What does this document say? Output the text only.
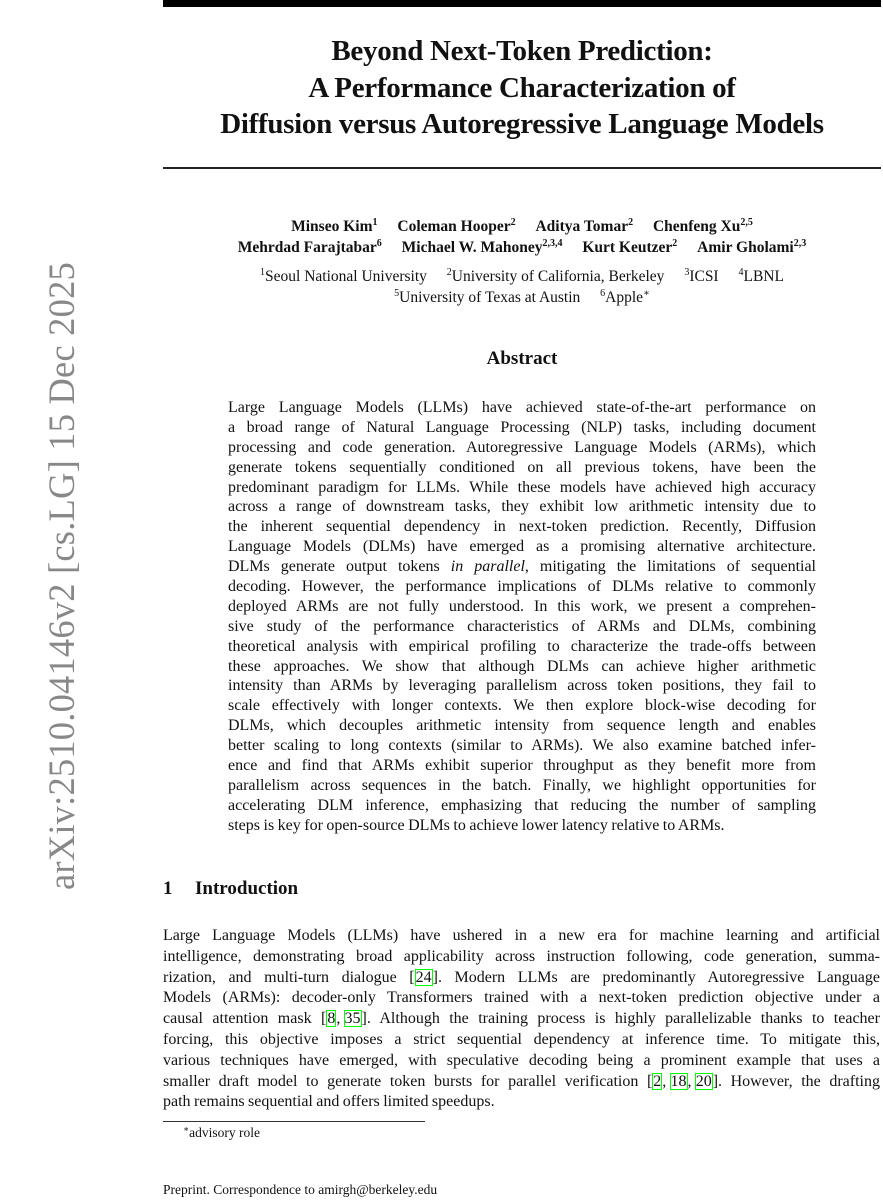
arXiv:2510.04146v2 [cs.LG] 15 Dec 2025
Beyond Next-Token Prediction:
A Performance Characterization of
Diffusion versus Autoregressive Language Models
Minseo Kim$^1$ Coleman Hooper$^2$ Aditya Tomar$^2$ Chenfeng Xu$^{2,5}$
Mehrdad Farajtabar$^6$ Michael W. Mahoney$^{2,3,4}$ Kurt Keutzer$^2$ Amir Gholami$^{2,3}$
$^1$Seoul National University $^2$University of California, Berkeley $^3$ICSI $^4$LBNL
$^5$University of Texas at Austin $^6$Apple∗
Abstract
Large Language Models (LLMs) have achieved state-of-the-art performance on
a broad range of Natural Language Processing (NLP) tasks, including document
processing and code generation. Autoregressive Language Models (ARMs), which
generate tokens sequentially conditioned on all previous tokens, have been the
predominant paradigm for LLMs. While these models have achieved high accuracy
across a range of downstream tasks, they exhibit low arithmetic intensity due to
the inherent sequential dependency in next-token prediction. Recently, Diffusion
Language Models (DLMs) have emerged as a promising alternative architecture.
DLMs generate output tokens in parallel, mitigating the limitations of sequential
decoding. However, the performance implications of DLMs relative to commonly
deployed ARMs are not fully understood. In this work, we present a comprehen-
sive study of the performance characteristics of ARMs and DLMs, combining
theoretical analysis with empirical profiling to characterize the trade-offs between
these approaches. We show that although DLMs can achieve higher arithmetic
intensity than ARMs by leveraging parallelism across token positions, they fail to
scale effectively with longer contexts. We then explore block-wise decoding for
DLMs, which decouples arithmetic intensity from sequence length and enables
better scaling to long contexts (similar to ARMs). We also examine batched infer-
ence and find that ARMs exhibit superior throughput as they benefit more from
parallelism across sequences in the batch. Finally, we highlight opportunities for
accelerating DLM inference, emphasizing that reducing the number of sampling
steps is key for open-source DLMs to achieve lower latency relative to ARMs.
1 Introduction
Large Language Models (LLMs) have ushered in a new era for machine learning and artificial
intelligence, demonstrating broad applicability across instruction following, code generation, summa-
rization, and multi-turn dialogue [24]. Modern LLMs are predominantly Autoregressive Language
Models (ARMs): decoder-only Transformers trained with a next-token prediction objective under a
causal attention mask [8, 35]. Although the training process is highly parallelizable thanks to teacher
forcing, this objective imposes a strict sequential dependency at inference time. To mitigate this,
various techniques have emerged, with speculative decoding being a prominent example that uses a
smaller draft model to generate token bursts for parallel verification [2, 18, 20]. However, the drafting
path remains sequential and offers limited speedups.
∗advisory role
Preprint. Correspondence to amirgh@berkeley.edu
